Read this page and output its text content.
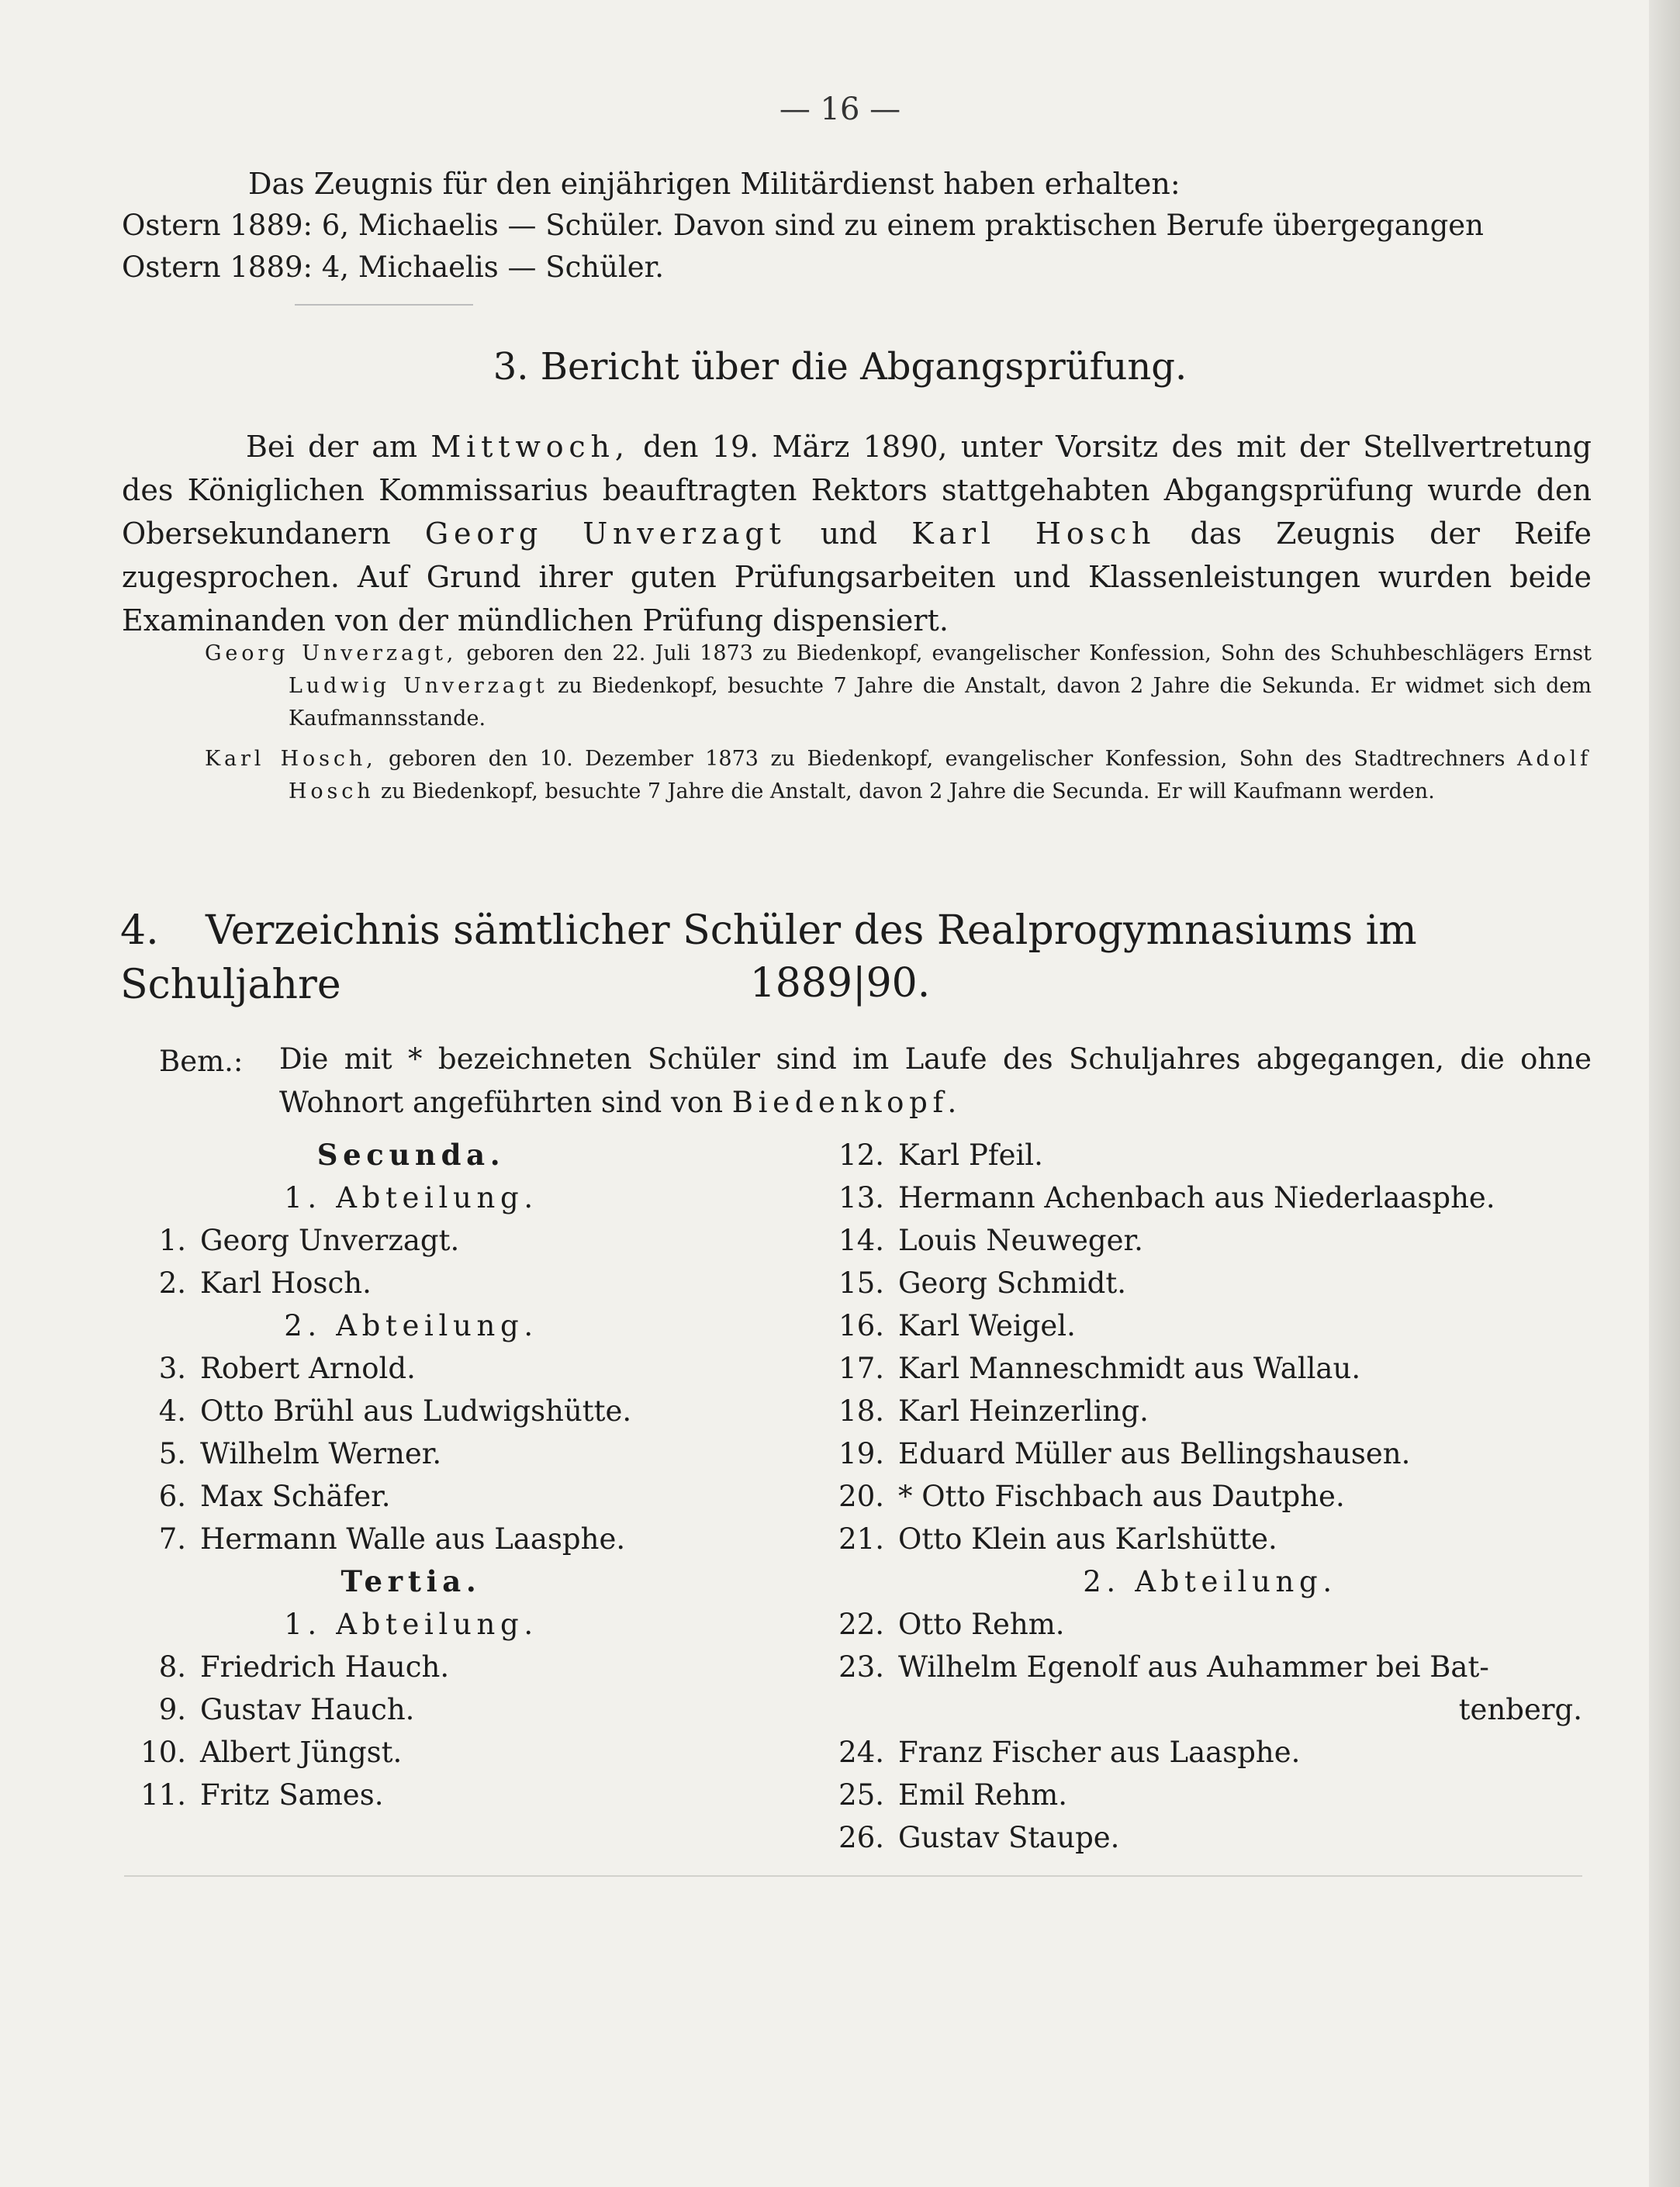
— 16 —
Das Zeugnis für den einjährigen Militärdienst haben erhalten:
Ostern 1889: 6, Michaelis — Schüler. Davon sind zu einem praktischen Berufe übergegangen
Ostern 1889: 4, Michaelis — Schüler.
3. Bericht über die Abgangsprüfung.
Bei der am Mittwoch, den 19. März 1890, unter Vorsitz des mit der Stellvertretung des Königlichen Kommissarius beauftragten Rektors stattgehabten Abgangsprüfung wurde den Obersekundanern Georg Unverzagt und Karl Hosch das Zeugnis der Reife zugesprochen. Auf Grund ihrer guten Prüfungsarbeiten und Klassenleistungen wurden beide Examinanden von der mündlichen Prüfung dispensiert.
Georg Unverzagt, geboren den 22. Juli 1873 zu Biedenkopf, evangelischer Konfession, Sohn des Schuhbeschlägers Ernst Ludwig Unverzagt zu Biedenkopf, besuchte 7 Jahre die Anstalt, davon 2 Jahre die Sekunda. Er widmet sich dem Kaufmannsstande.
Karl Hosch, geboren den 10. Dezember 1873 zu Biedenkopf, evangelischer Konfession, Sohn des Stadtrechners Adolf Hosch zu Biedenkopf, besuchte 7 Jahre die Anstalt, davon 2 Jahre die Secunda. Er will Kaufmann werden.
4. Verzeichnis sämtlicher Schüler des Realprogymnasiums im Schuljahre	1889|90.
Bem.: Die mit * bezeichneten Schüler sind im Laufe des Schuljahres abgegangen, die ohne Wohnort angeführten sind von Biedenkopf.
Secunda.
1. Abteilung.
1. Georg Unverzagt.
2. Karl Hosch.
2. Abteilung.
3. Robert Arnold.
4. Otto Brühl aus Ludwigshütte.
5. Wilhelm Werner.
6. Max Schäfer.
7. Hermann Walle aus Laasphe.
Tertia.
1. Abteilung.
8. Friedrich Hauch.
9. Gustav Hauch.
10. Albert Jüngst.
11. Fritz Sames.
12. Karl Pfeil.
13. Hermann Achenbach aus Niederlaasphe.
14. Louis Neuweger.
15. Georg Schmidt.
16. Karl Weigel.
17. Karl Manneschmidt aus Wallau.
18. Karl Heinzerling.
19. Eduard Müller aus Bellingshausen.
20. * Otto Fischbach aus Dautphe.
21. Otto Klein aus Karlshütte.
2. Abteilung.
22. Otto Rehm.
23. Wilhelm Egenolf aus Auhammer bei Bat-
tenberg.
24. Franz Fischer aus Laasphe.
25. Emil Rehm.
26. Gustav Staupe.
